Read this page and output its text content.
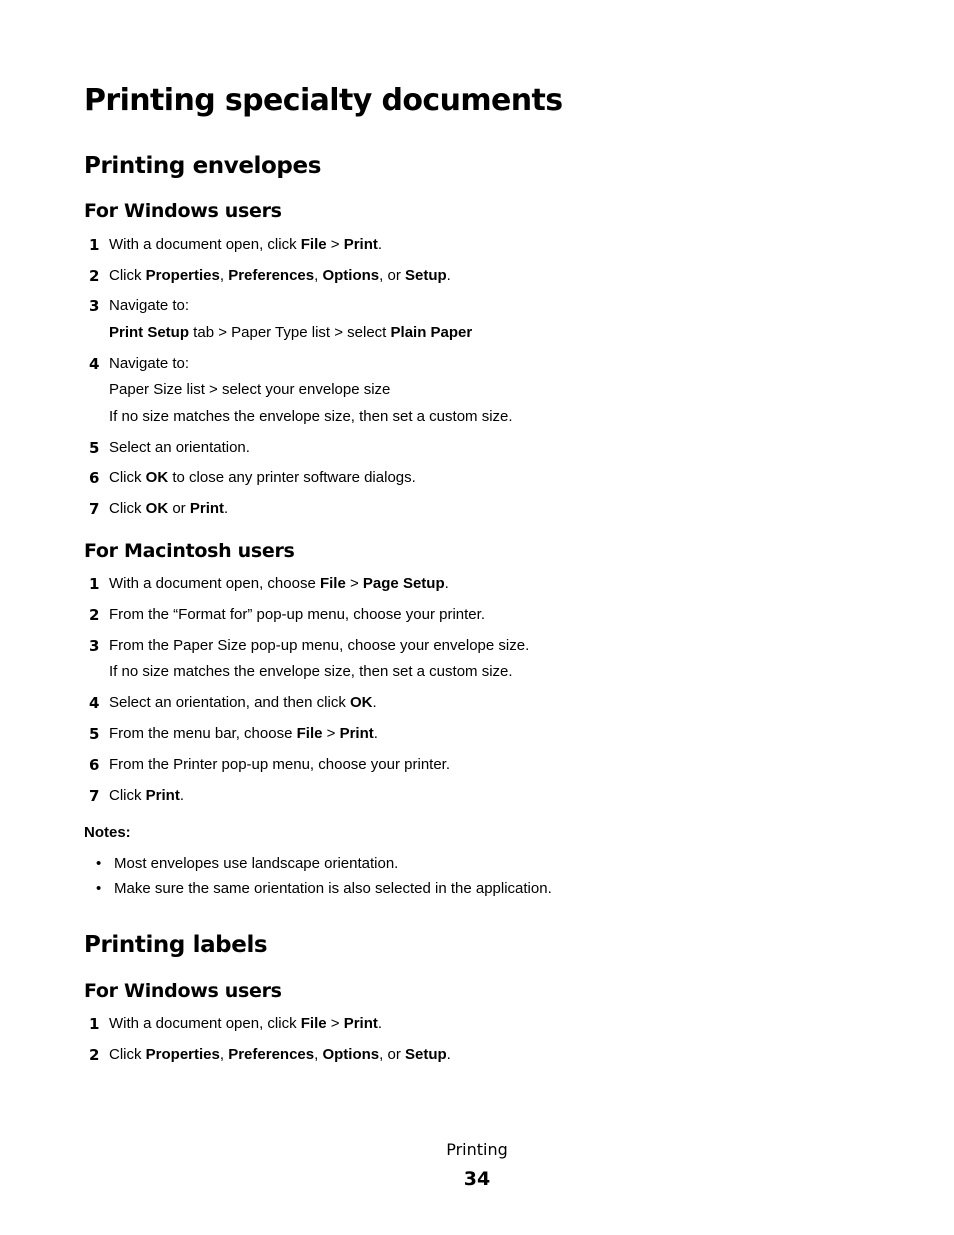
Printing specialty documents
Printing envelopes
For Windows users
1 With a document open, click File > Print.
2 Click Properties, Preferences, Options, or Setup.
3 Navigate to:
Print Setup tab > Paper Type list > select Plain Paper
4 Navigate to:
Paper Size list > select your envelope size
If no size matches the envelope size, then set a custom size.
5 Select an orientation.
6 Click OK to close any printer software dialogs.
7 Click OK or Print.
For Macintosh users
1 With a document open, choose File > Page Setup.
2 From the “Format for” pop-up menu, choose your printer.
3 From the Paper Size pop-up menu, choose your envelope size.
If no size matches the envelope size, then set a custom size.
4 Select an orientation, and then click OK.
5 From the menu bar, choose File > Print.
6 From the Printer pop-up menu, choose your printer.
7 Click Print.
Notes:
• Most envelopes use landscape orientation.
• Make sure the same orientation is also selected in the application.
Printing labels
For Windows users
1 With a document open, click File > Print.
2 Click Properties, Preferences, Options, or Setup.
Printing
34
